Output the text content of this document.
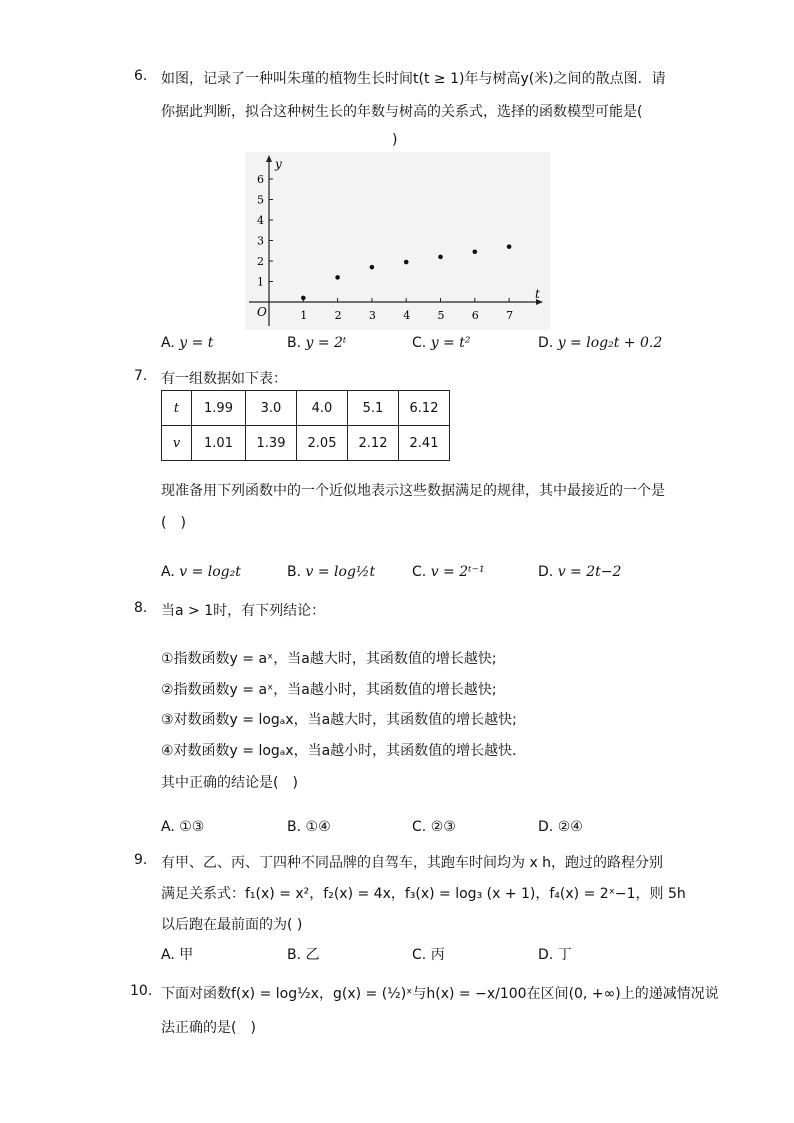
6. 如图，记录了一种叫朱瑾的植物生长时间t(t ≥ 1)年与树高y(米)之间的散点图．请
你据此判断，拟合这种树生长的年数与树高的关系式，选择的函数模型可能是(
)
1 2 3 4 5 6 7
1
2
3
4
5
6
t
y
O
A. y = t	B. y = 2ᵗ	C. y = t²	D. y = log₂t + 0.2
7. 有一组数据如下表：
t	1.99	3.0	4.0	5.1	6.12
v	1.01	1.39	2.05	2.12	2.41
现准备用下列函数中的一个近似地表示这些数据满足的规律，其中最接近的一个是
(　)
A. v = log₂t	B. v = log½t	C. v = 2ᵗ⁻¹	D. v = 2t−2
8. 当a > 1时，有下列结论：
①指数函数y = aˣ，当a越大时，其函数值的增长越快;
②指数函数y = aˣ，当a越小时，其函数值的增长越快;
③对数函数y = logₐx，当a越大时，其函数值的增长越快;
④对数函数y = logₐx，当a越小时，其函数值的增长越快．
其中正确的结论是(　)
A. ①③	B. ①④	C. ②③	D. ②④
9. 有甲、乙、丙、丁四种不同品牌的自驾车，其跑车时间均为 x h，跑过的路程分别
满足关系式：f₁(x) = x²，f₂(x) = 4x，f₃(x) = log₃ (x + 1)，f₄(x) = 2ˣ−1，则 5h
以后跑在最前面的为( )
A. 甲	B. 乙	C. 丙	D. 丁
10. 下面对函数f(x) = log½x，g(x) = (½)ˣ与h(x) = −x/100在区间(0, +∞)上的递减情况说
法正确的是(　)
